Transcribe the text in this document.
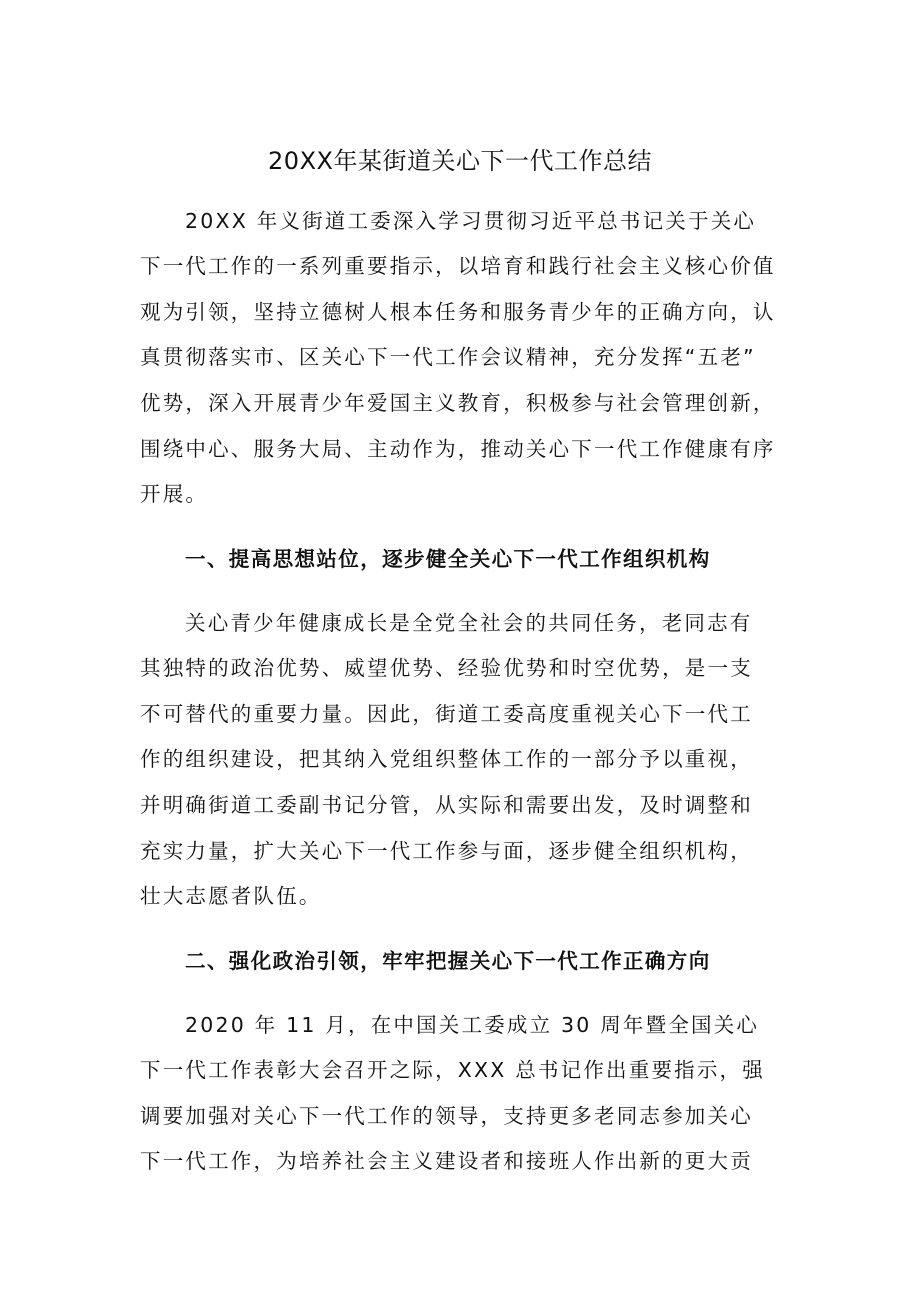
20XX年某街道关心下一代工作总结
20XX 年义街道工委深入学习贯彻习近平总书记关于关心
下一代工作的一系列重要指示，以培育和践行社会主义核心价值
观为引领，坚持立德树人根本任务和服务青少年的正确方向，认
真贯彻落实市、区关心下一代工作会议精神，充分发挥“五老”
优势，深入开展青少年爱国主义教育，积极参与社会管理创新，
围绕中心、服务大局、主动作为，推动关心下一代工作健康有序
开展。
一、提高思想站位，逐步健全关心下一代工作组织机构
关心青少年健康成长是全党全社会的共同任务，老同志有
其独特的政治优势、威望优势、经验优势和时空优势，是一支
不可替代的重要力量。因此，街道工委高度重视关心下一代工
作的组织建设，把其纳入党组织整体工作的一部分予以重视，
并明确街道工委副书记分管，从实际和需要出发，及时调整和
充实力量，扩大关心下一代工作参与面，逐步健全组织机构，
壮大志愿者队伍。
二、强化政治引领，牢牢把握关心下一代工作正确方向
2020 年 11 月，在中国关工委成立 30 周年暨全国关心
下一代工作表彰大会召开之际，XXX 总书记作出重要指示，强
调要加强对关心下一代工作的领导，支持更多老同志参加关心
下一代工作，为培养社会主义建设者和接班人作出新的更大贡
